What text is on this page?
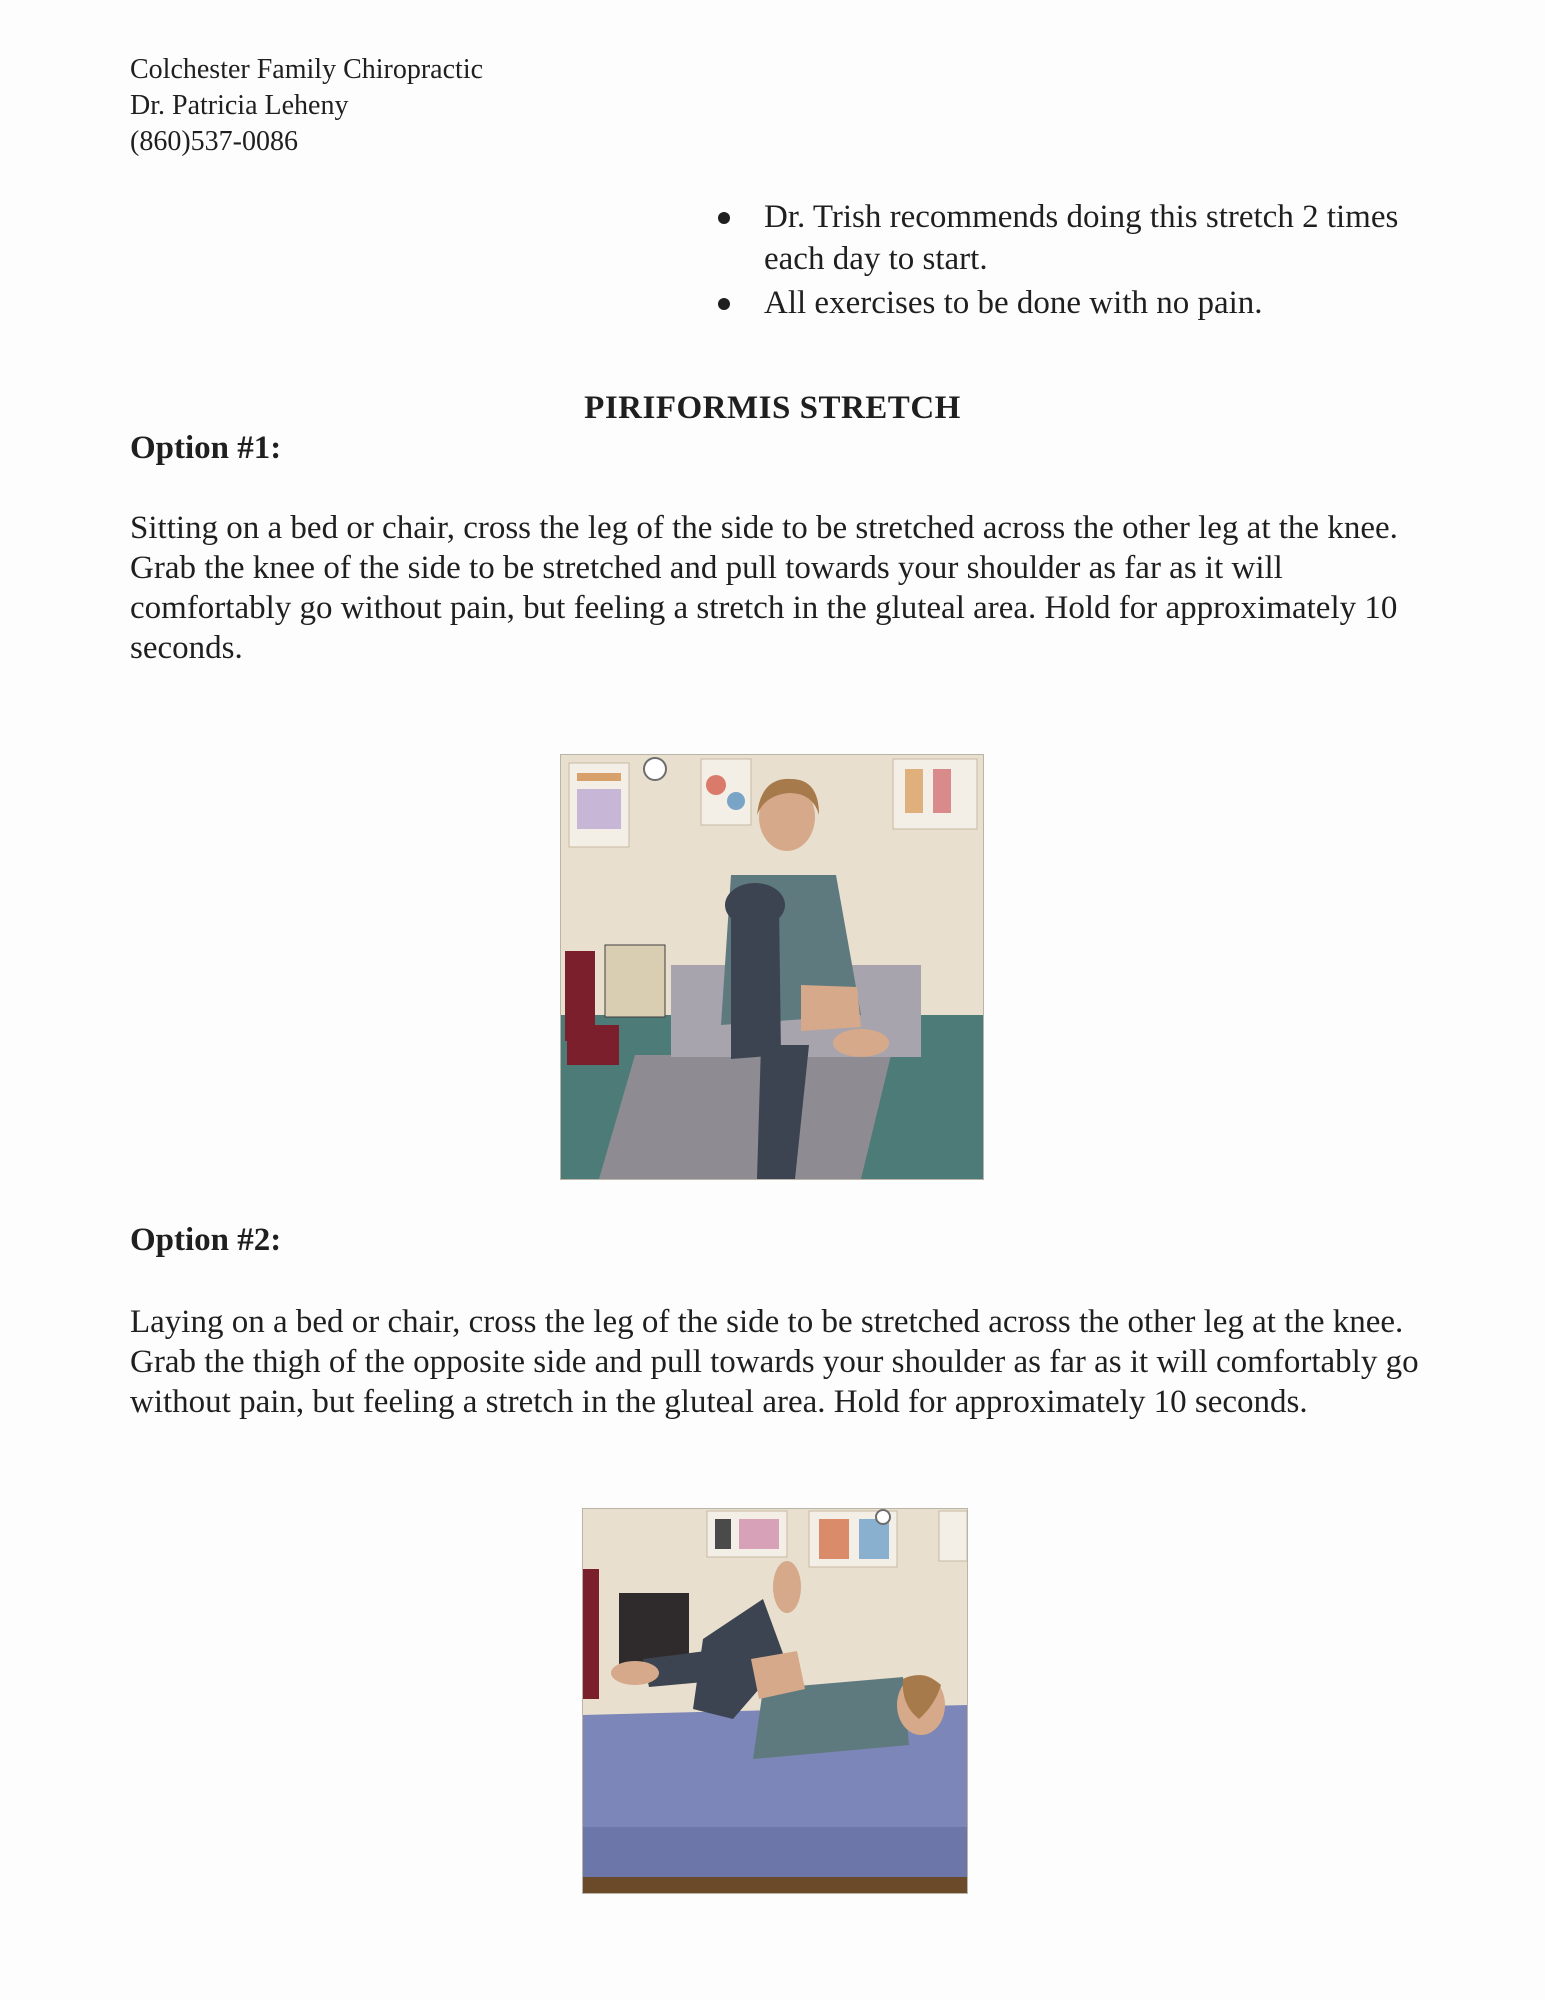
Colchester Family Chiropractic
Dr. Patricia Leheny
(860)537-0086
Dr. Trish recommends doing this stretch 2 times each day to start.
All exercises to be done with no pain.
PIRIFORMIS STRETCH
Option #1:
Sitting on a bed or chair, cross the leg of the side to be stretched across the other leg at the knee. Grab the knee of the side to be stretched and pull towards your shoulder as far as it will comfortably go without pain, but feeling a stretch in the gluteal area. Hold for approximately 10 seconds.
Option #2:
Laying on a bed or chair, cross the leg of the side to be stretched across the other leg at the knee. Grab the thigh of the opposite side and pull towards your shoulder as far as it will comfortably go without pain, but feeling a stretch in the gluteal area. Hold for approximately 10 seconds.
